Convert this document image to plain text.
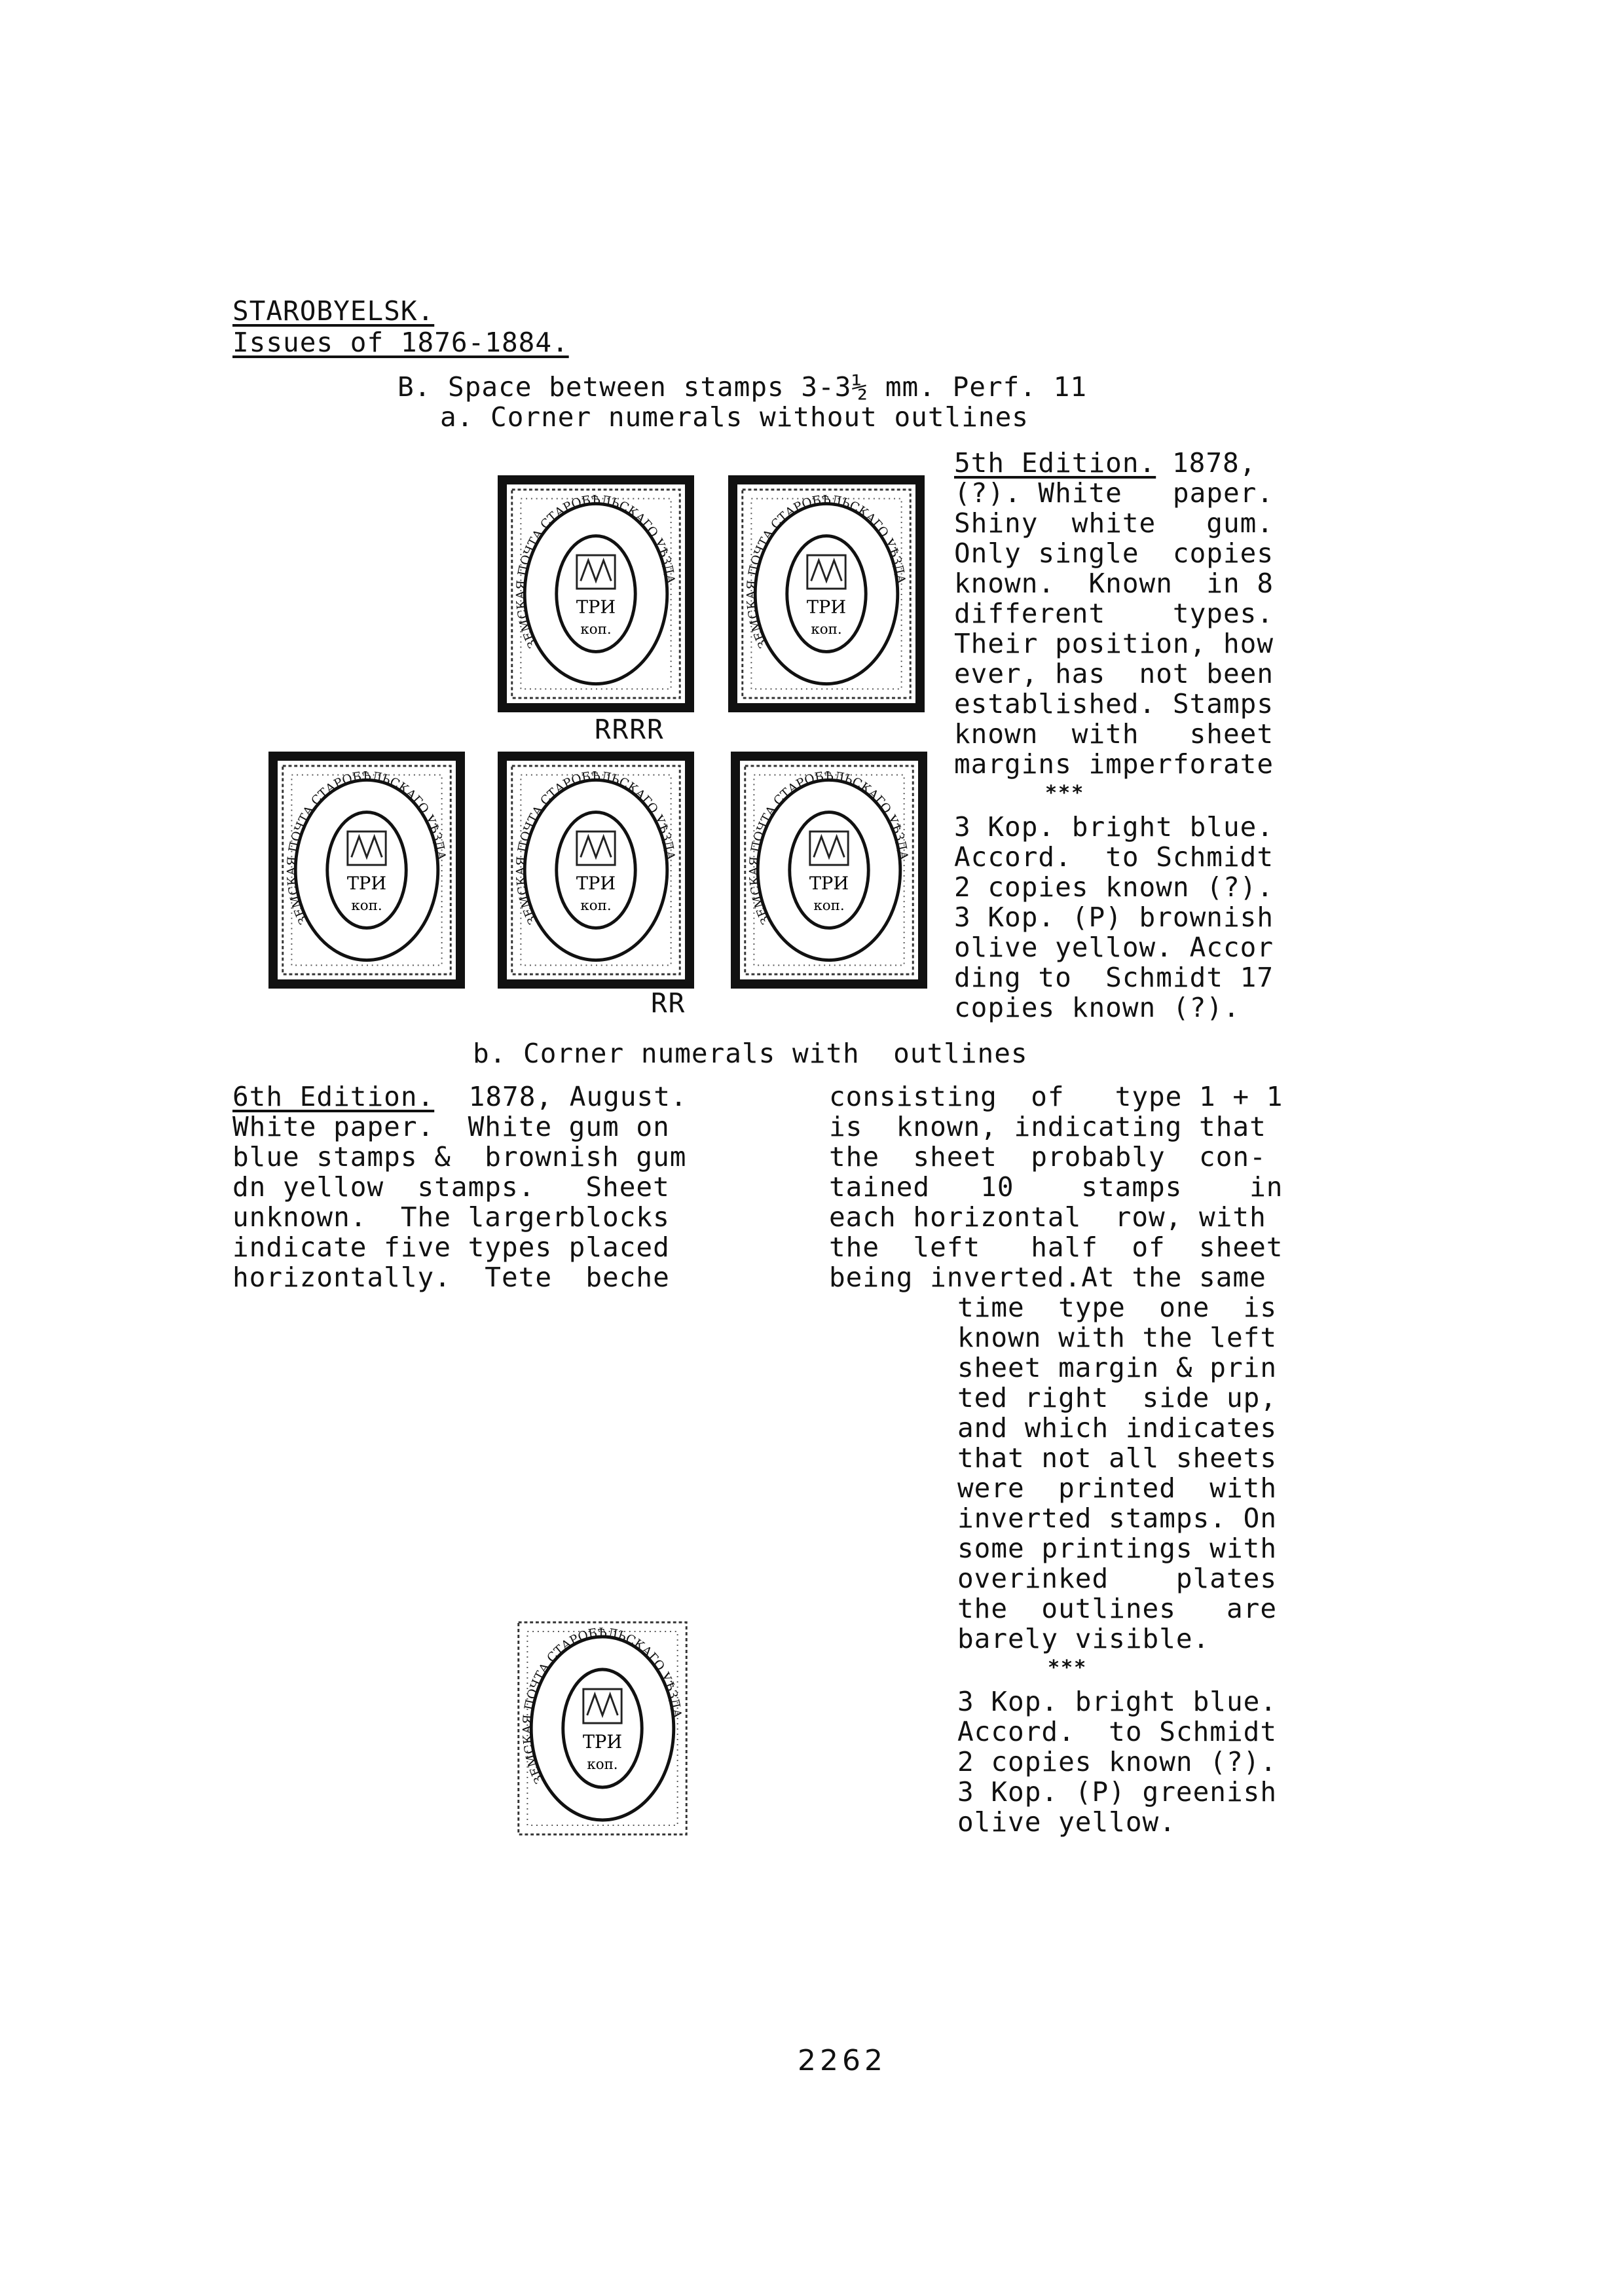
STAROBYELSK.
Issues of 1876-1884.
B. Space between stamps 3-3½ mm. Perf. 11
a. Corner numerals without outlines
ЗЕМСКАЯ ПОЧТА СТАРОБѢЛЬСКАГО УѢЗДА
ТРИ
коп.
ЗЕМСКАЯ ПОЧТА СТАРОБѢЛЬСКАГО УѢЗДА
ТРИ
коп.
RRRR
ЗЕМСКАЯ ПОЧТА СТАРОБѢЛЬСКАГО УѢЗДА
ТРИ
коп.
ЗЕМСКАЯ ПОЧТА СТАРОБѢЛЬСКАГО УѢЗДА
ТРИ
коп.
ЗЕМСКАЯ ПОЧТА СТАРОБѢЛЬСКАГО УѢЗДА
ТРИ
коп.
RR
5th Edition. 1878,
(?). White   paper.
Shiny  white   gum.
Only single  copies
known.  Known  in 8
different    types.
Their position, how
ever, has  not been
established. Stamps
known  with   sheet
margins imperforate
***
3 Kop. bright blue.
Accord.  to Schmidt
2 copies known (?).
3 Kop. (P) brownish
olive yellow. Accor
ding to  Schmidt 17
copies known (?).
b. Corner numerals with  outlines
6th Edition. 1878, August.
White paper.  White gum on
blue stamps &  brownish gum
dn yellow  stamps.   Sheet
unknown.  The largerblocks
indicate five types placed
horizontally.  Tete  beche
consisting  of   type 1 + 1
is  known, indicating that
the  sheet  probably  con-
tained   10    stamps    in
each horizontal  row, with
the  left   half  of  sheet
being inverted.At the same
time  type  one  is
known with the left
sheet margin & prin
ted right  side up,
and which indicates
that not all sheets
were  printed  with
inverted stamps. On
some printings with
overinked    plates
the  outlines   are
barely visible.
***
3 Kop. bright blue.
Accord.  to Schmidt
2 copies known (?).
3 Kop. (P) greenish
olive yellow.
ЗЕМСКАЯ ПОЧТА СТАРОБѢЛЬСКАГО УѢЗДА
ТРИ
коп.
2262
